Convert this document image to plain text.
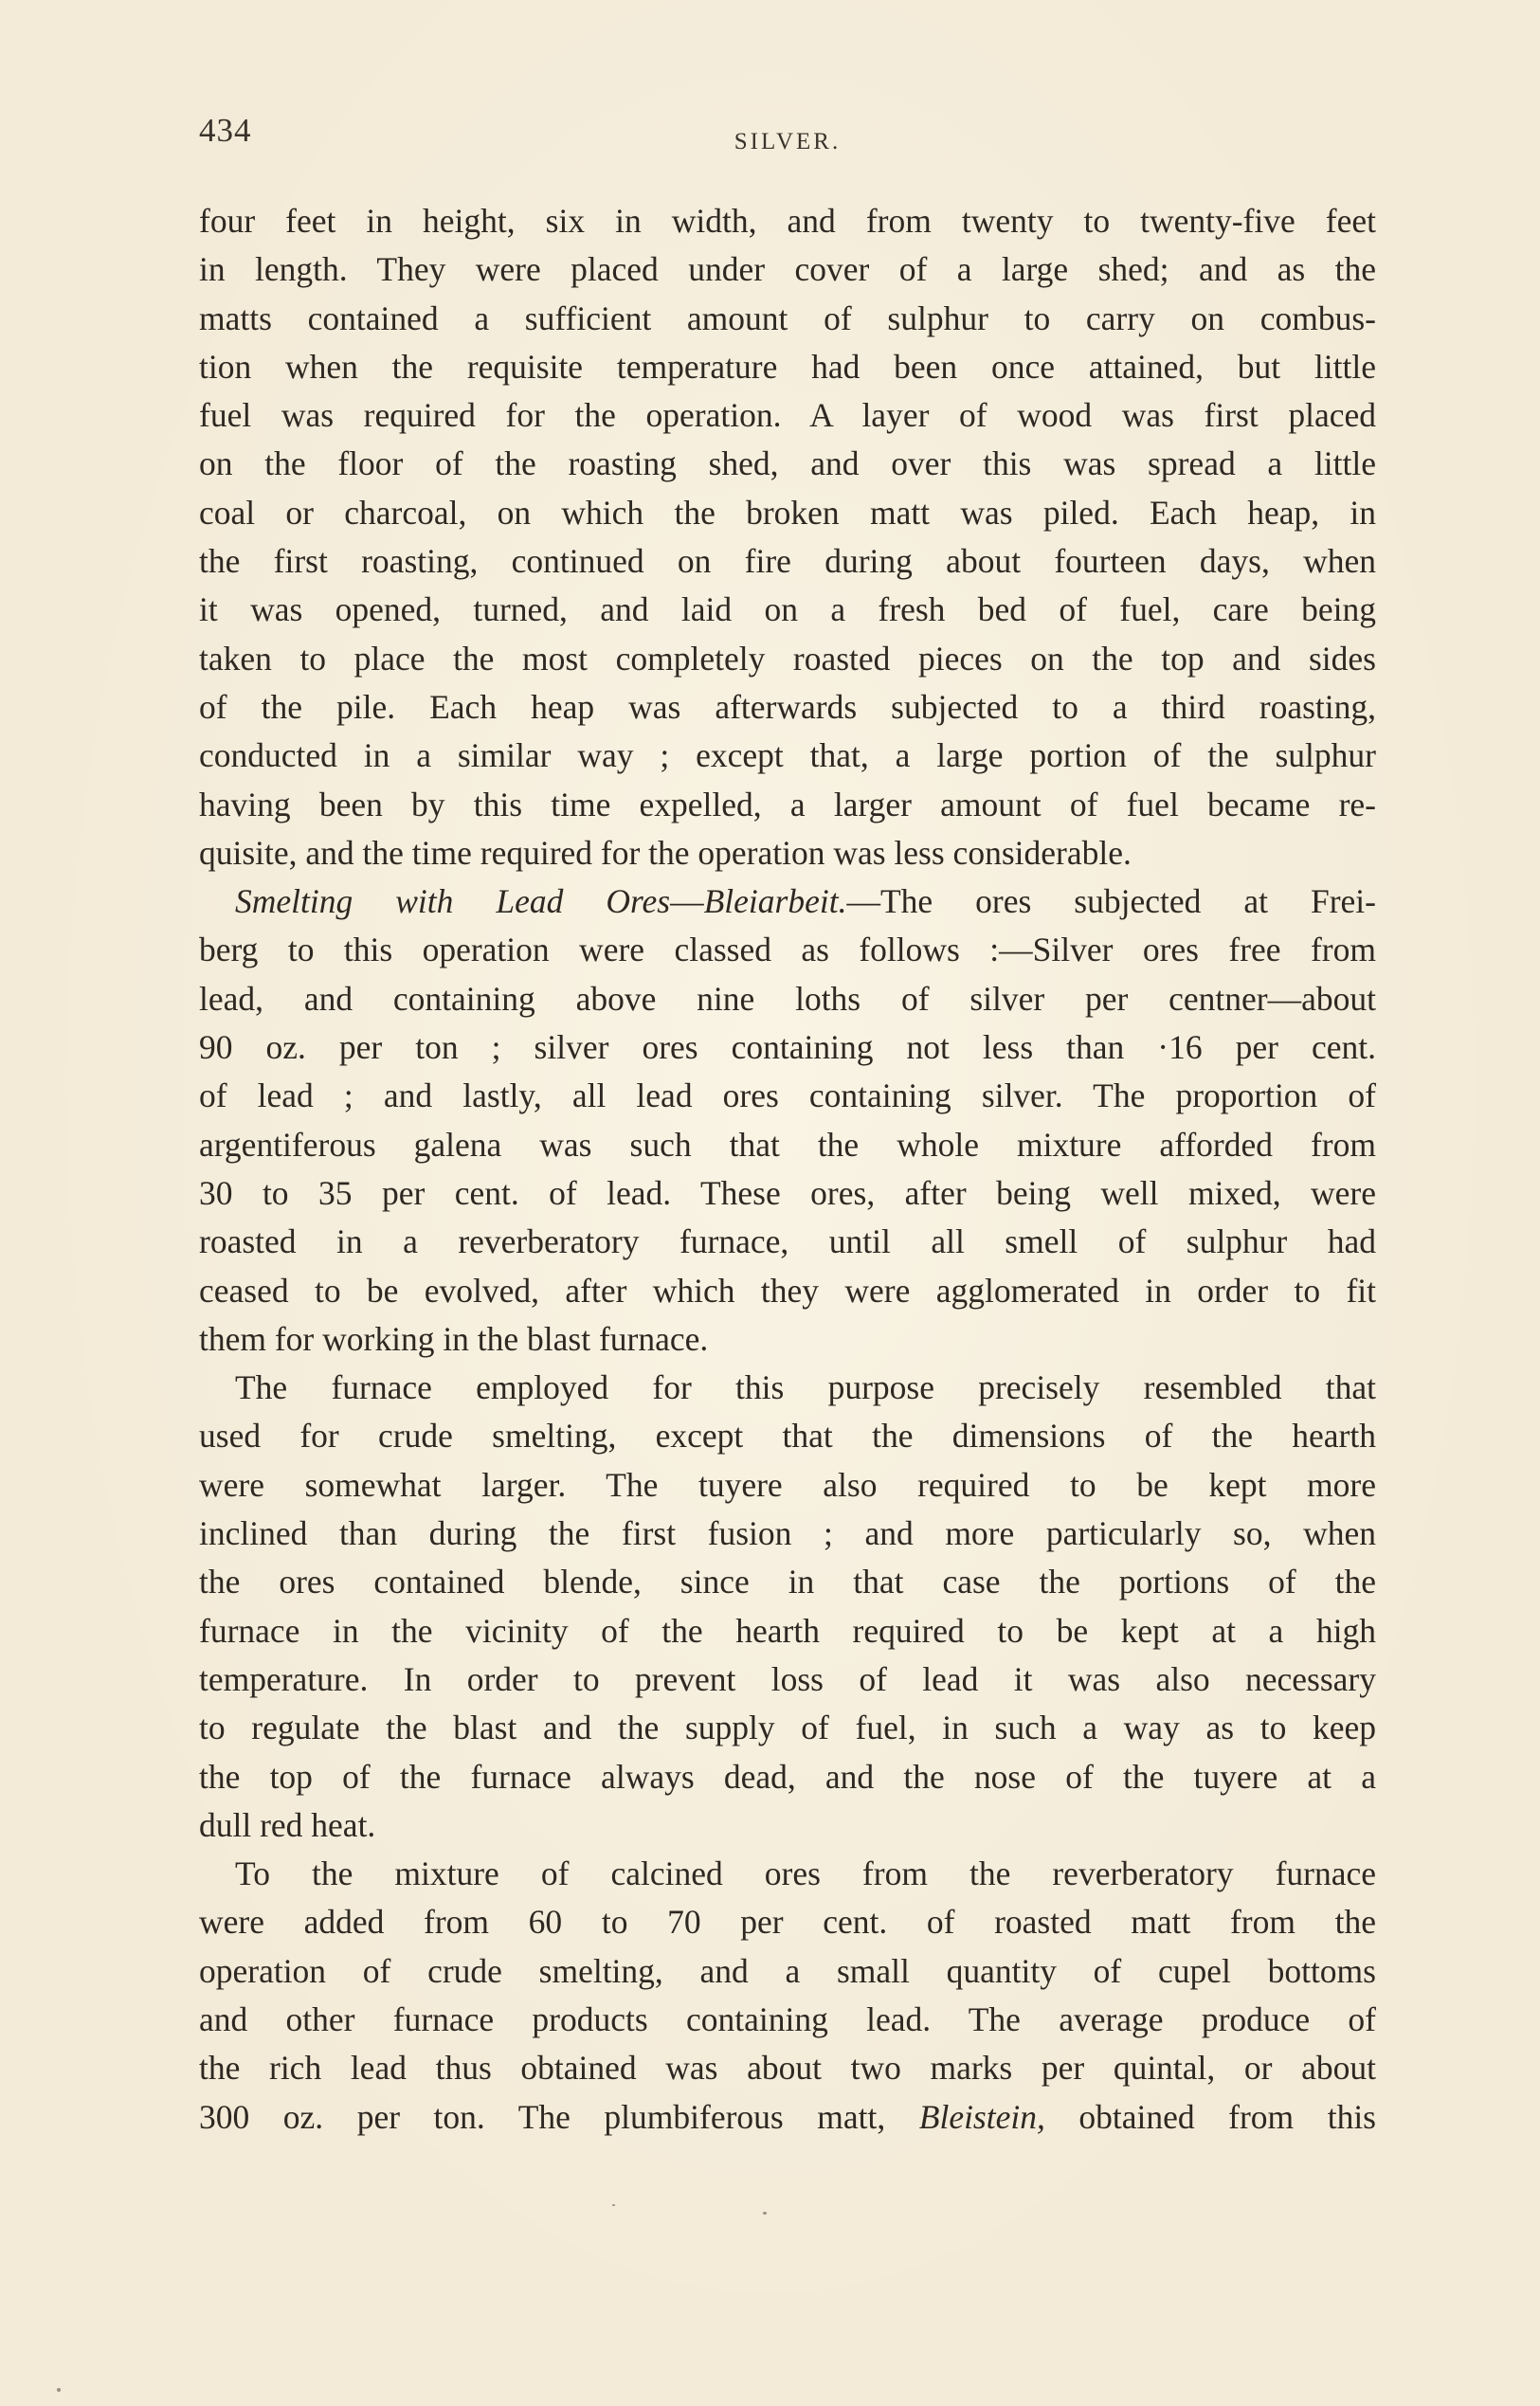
434	SILVER.

four feet in height, six in width, and from twenty to twenty-five feet
in length. They were placed under cover of a large shed; and as the
matts contained a sufficient amount of sulphur to carry on combus-
tion when the requisite temperature had been once attained, but little
fuel was required for the operation. A layer of wood was first placed
on the floor of the roasting shed, and over this was spread a little
coal or charcoal, on which the broken matt was piled. Each heap, in
the first roasting, continued on fire during about fourteen days, when
it was opened, turned, and laid on a fresh bed of fuel, care being
taken to place the most completely roasted pieces on the top and sides
of the pile. Each heap was afterwards subjected to a third roasting,
conducted in a similar way ; except that, a large portion of the sulphur
having been by this time expelled, a larger amount of fuel became re-
quisite, and the time required for the operation was less considerable.

Smelting with Lead Ores—Bleiarbeit.—The ores subjected at Frei-
berg to this operation were classed as follows :—Silver ores free from
lead, and containing above nine loths of silver per centner—about
90 oz. per ton ; silver ores containing not less than ·16 per cent.
of lead ; and lastly, all lead ores containing silver. The proportion of
argentiferous galena was such that the whole mixture afforded from
30 to 35 per cent. of lead. These ores, after being well mixed, were
roasted in a reverberatory furnace, until all smell of sulphur had
ceased to be evolved, after which they were agglomerated in order to fit
them for working in the blast furnace.

The furnace employed for this purpose precisely resembled that
used for crude smelting, except that the dimensions of the hearth
were somewhat larger. The tuyere also required to be kept more
inclined than during the first fusion ; and more particularly so, when
the ores contained blende, since in that case the portions of the
furnace in the vicinity of the hearth required to be kept at a high
temperature. In order to prevent loss of lead it was also necessary
to regulate the blast and the supply of fuel, in such a way as to keep
the top of the furnace always dead, and the nose of the tuyere at a
dull red heat.

To the mixture of calcined ores from the reverberatory furnace
were added from 60 to 70 per cent. of roasted matt from the
operation of crude smelting, and a small quantity of cupel bottoms
and other furnace products containing lead. The average produce of
the rich lead thus obtained was about two marks per quintal, or about
300 oz. per ton. The plumbiferous matt, Bleistein, obtained from this
